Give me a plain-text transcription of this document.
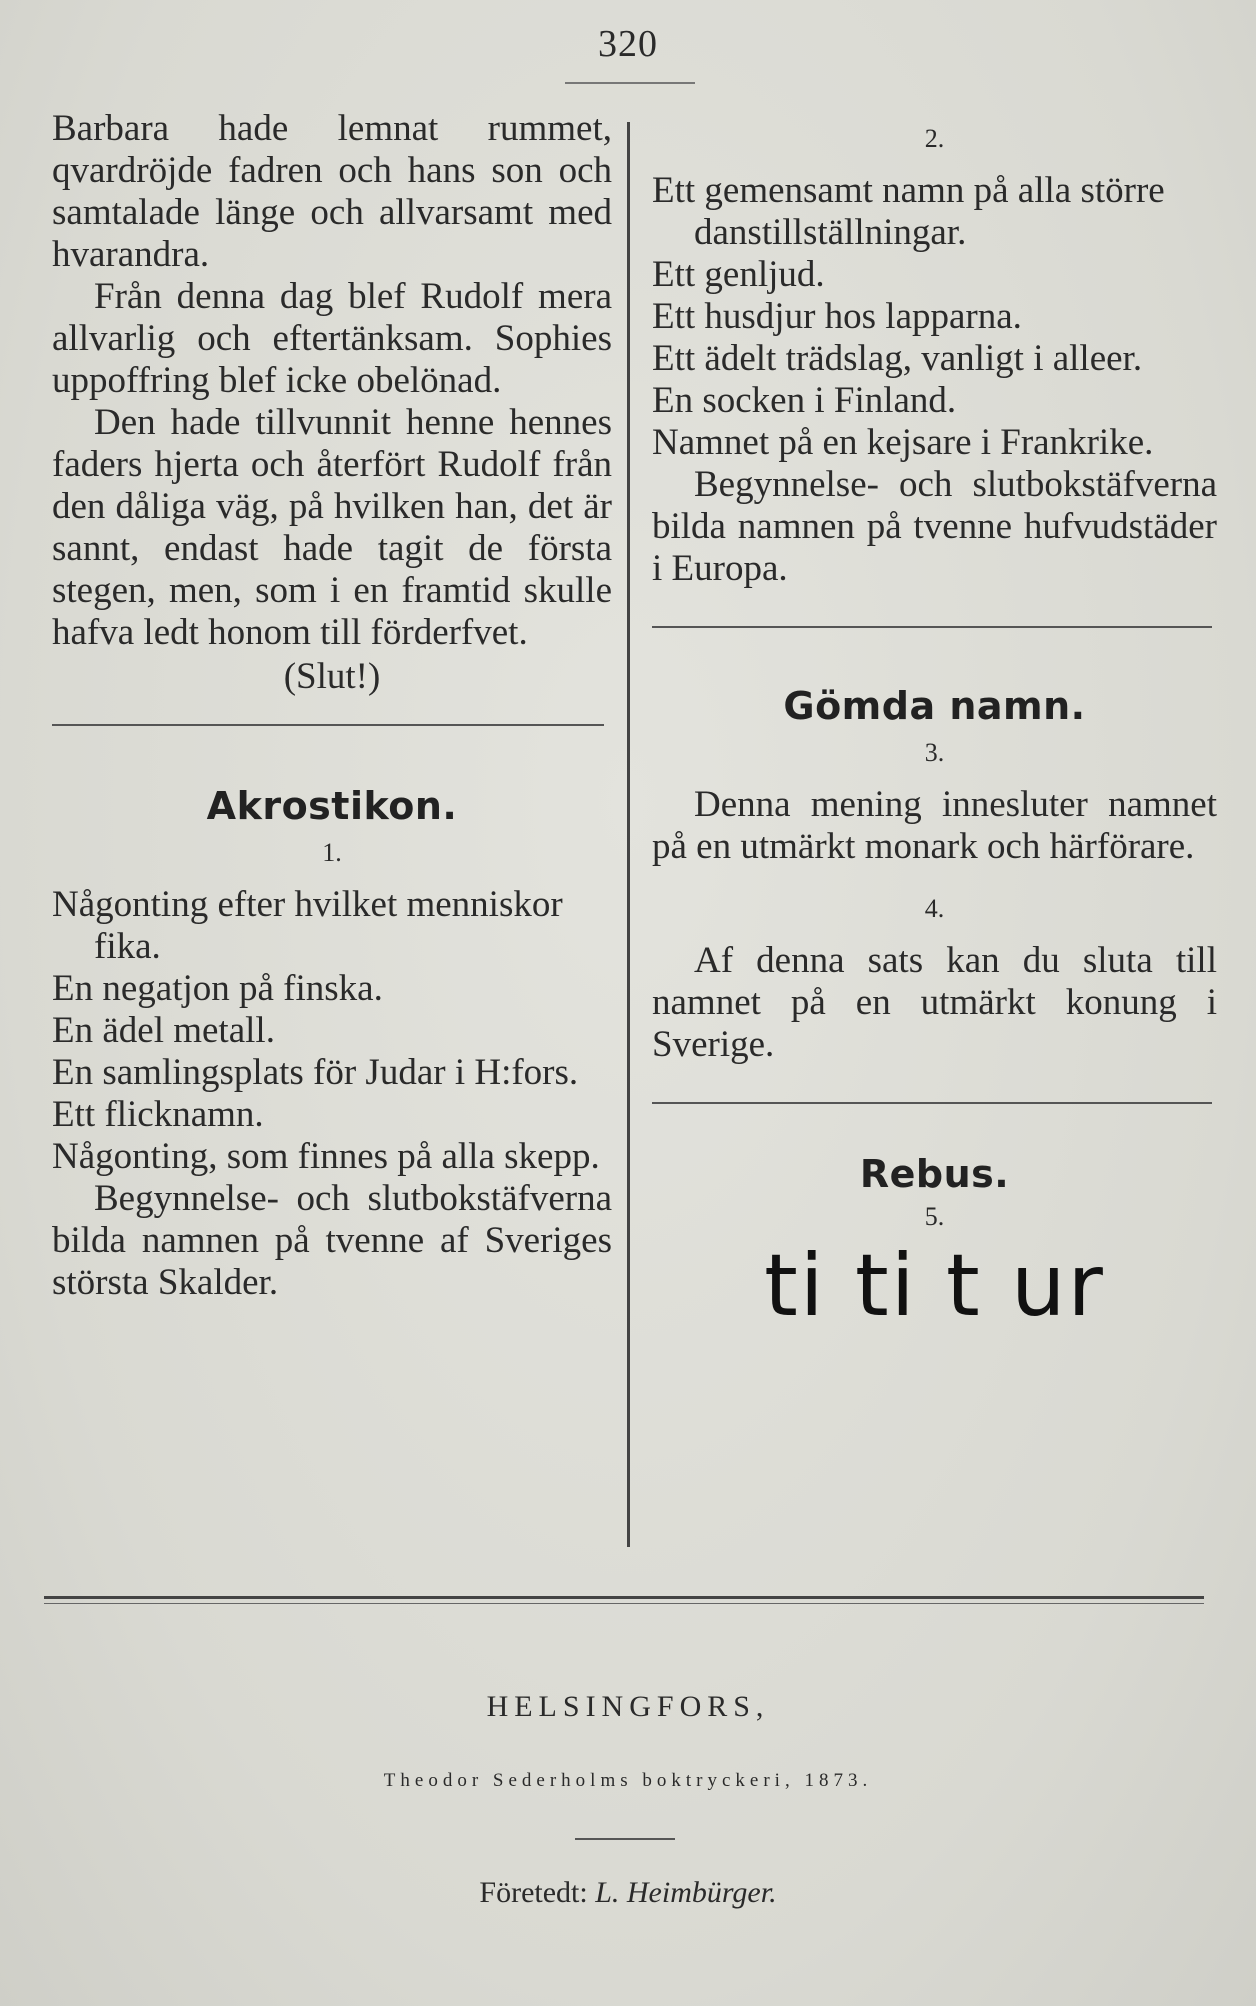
320

Barbara hade lemnat rummet, qvardröjde fadren och hans son och samtalade länge och allvarsamt med hvarandra.

Från denna dag blef Rudolf mera allvarlig och eftertänksam. Sophies uppoffring blef icke obelönad.

Den hade tillvunnit henne hennes faders hjerta och återfört Rudolf från den dåliga väg, på hvilken han, det är sannt, endast hade tagit de första stegen, men, som i en framtid skulle hafva ledt honom till förderfvet.

(Slut!)

Akrostikon.
1.

Någonting efter hvilket menniskor fika.

En negatjon på finska.

En ädel metall.

En samlingsplats för Judar i H:fors.

Ett flicknamn.

Någonting, som finnes på alla skepp.

Begynnelse- och slutbokstäfverna bilda namnen på tvenne af Sveriges största Skalder.

2.

Ett gemensamt namn på alla större danstillställningar.

Ett genljud.

Ett husdjur hos lapparna.

Ett ädelt trädslag, vanligt i alleer.

En socken i Finland.

Namnet på en kejsare i Frankrike.

Begynnelse- och slutbokstäfverna bilda namnen på tvenne hufvudstäder i Europa.

Gömda namn.
3.

Denna mening innesluter namnet på en utmärkt monark och härförare.

4.

Af denna sats kan du sluta till namnet på en utmärkt konung i Sverige.

Rebus.
5.
ti ti t ur
HELSINGFORS,
Theodor Sederholms boktryckeri, 1873.
Företedt: L. Heimbürger.
